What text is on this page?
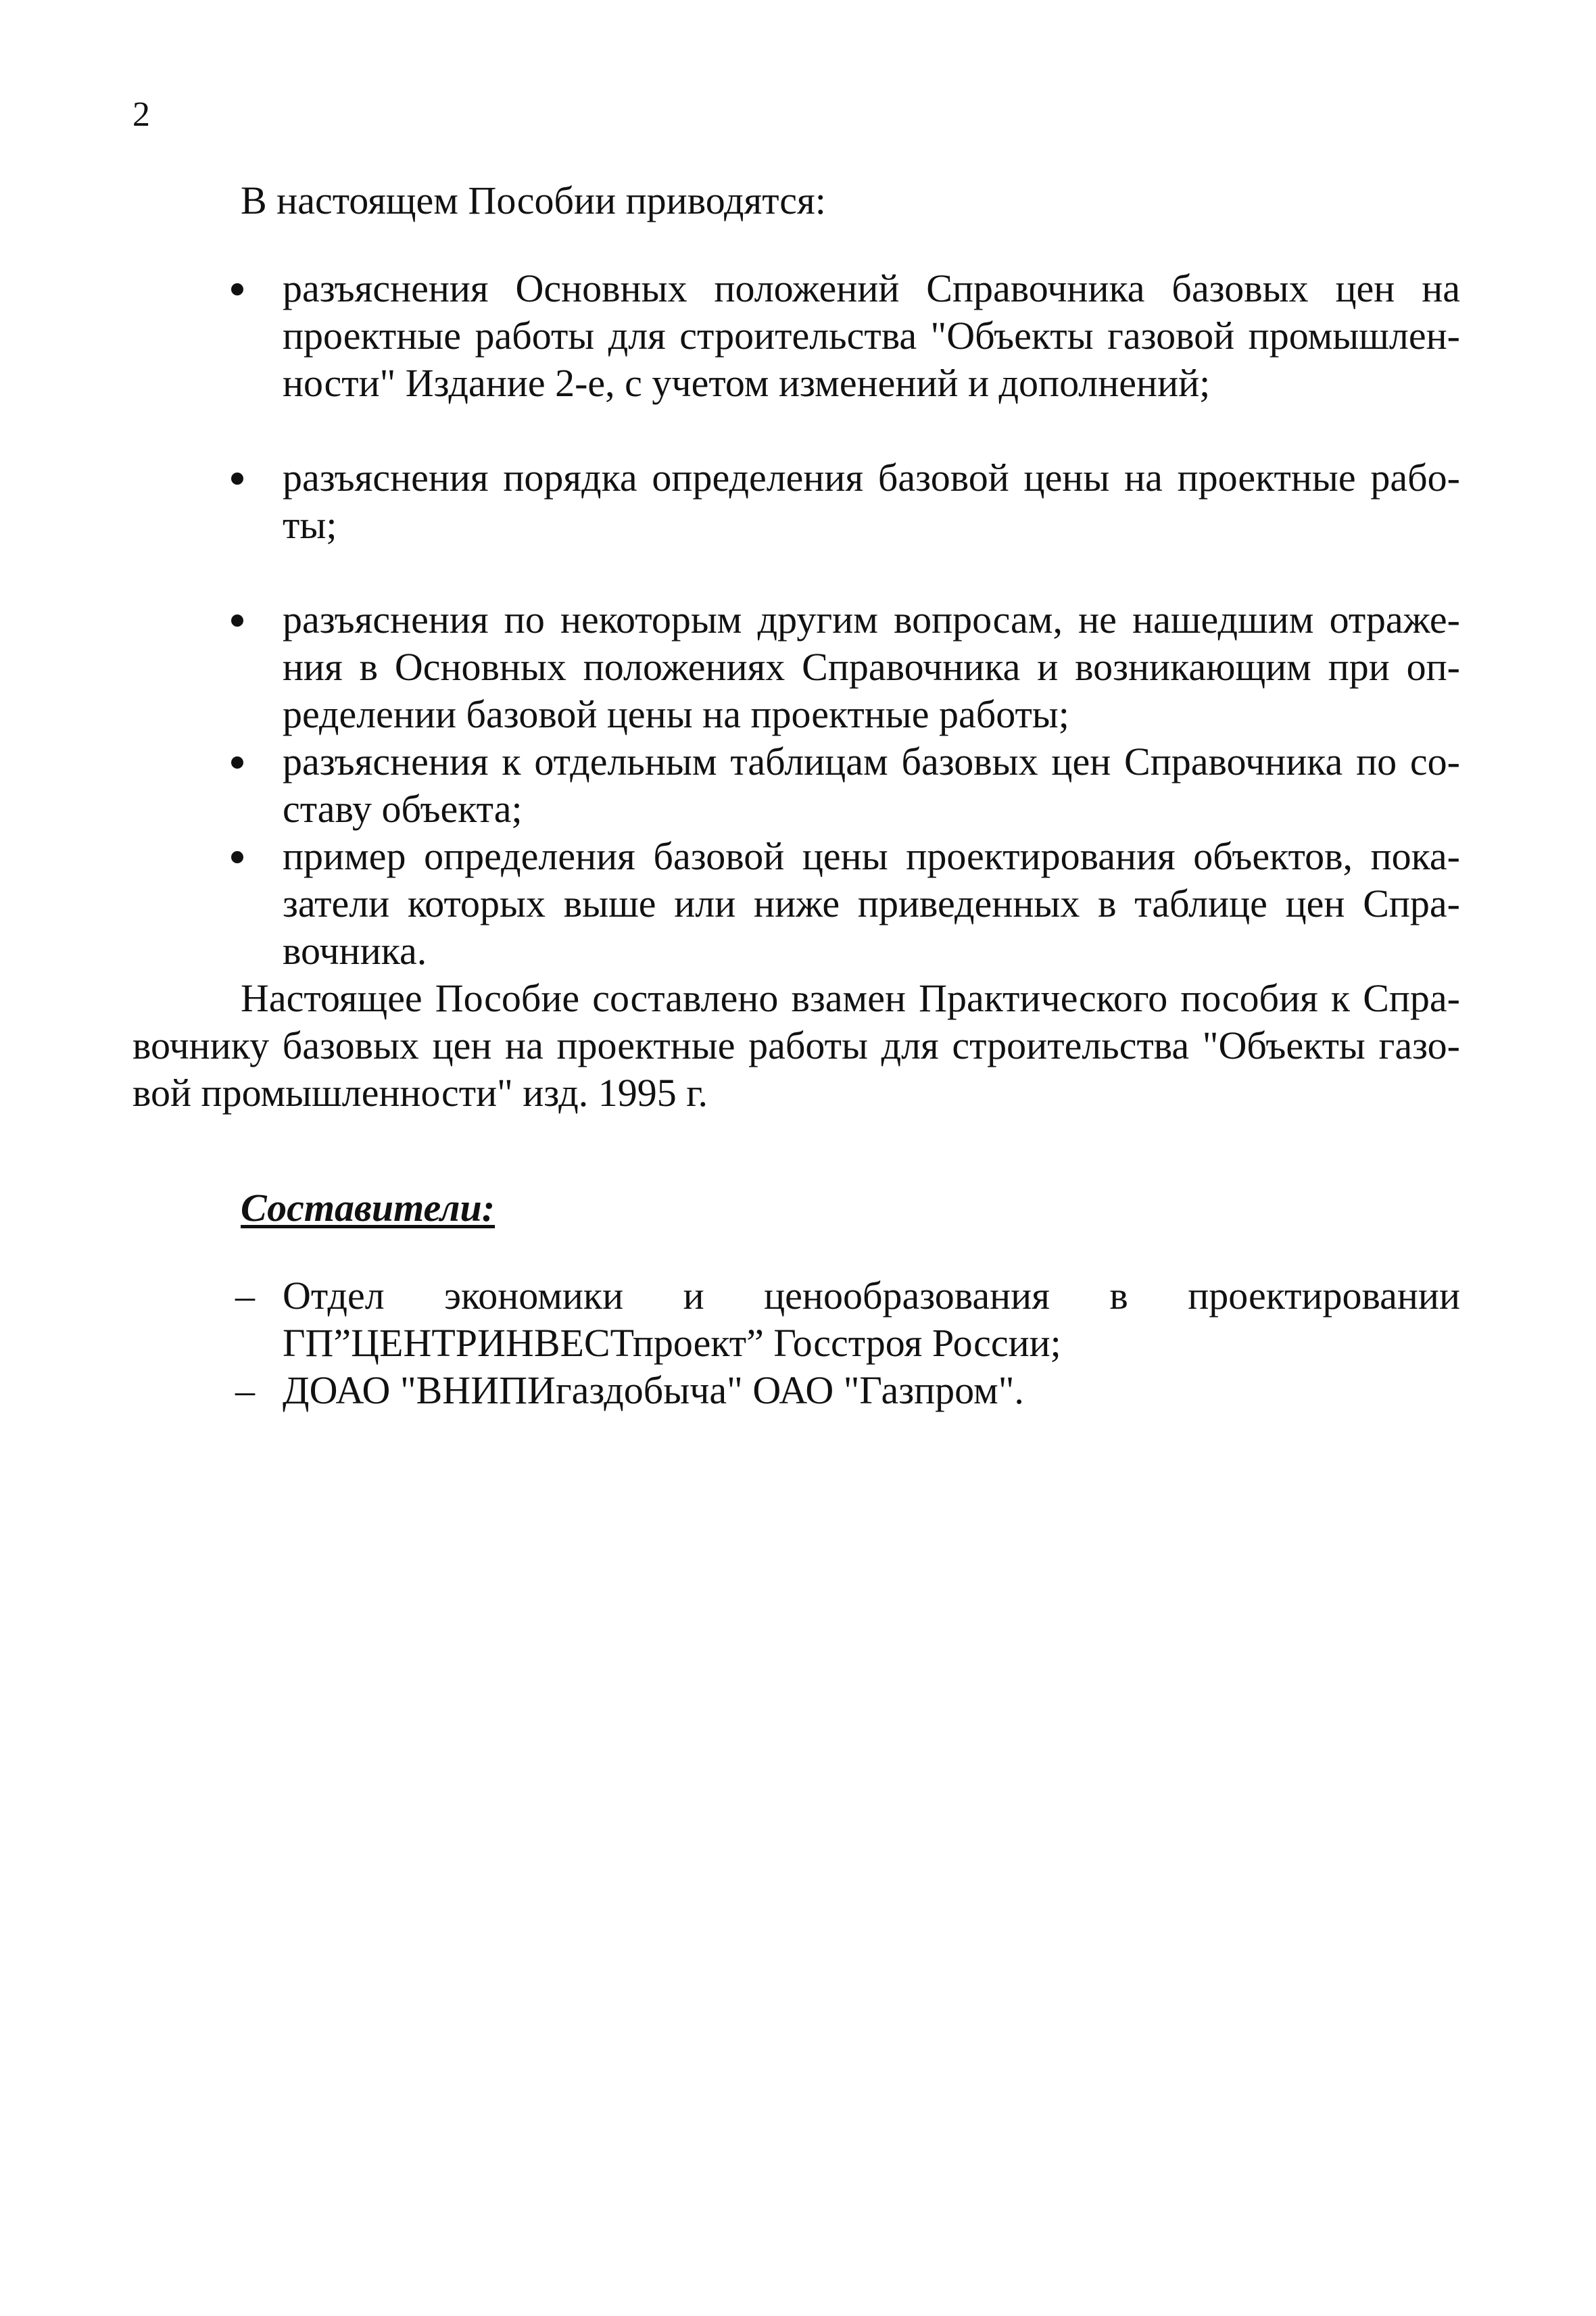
2

В настоящем Пособии приводятся:

разъяснения Основных положений Справочника базовых цен на проектные работы для строительства "Объекты газовой промышленности" Издание 2-е, с учетом изменений и дополнений;
разъяснения порядка определения базовой цены на проектные работы;
разъяснения по некоторым другим вопросам, не нашедшим отражения в Основных положениях Справочника и возникающим при определении базовой цены на проектные работы;
разъяснения к отдельным таблицам базовых цен Справочника по составу объекта;
пример определения базовой цены проектирования объектов, показатели которых выше или ниже приведенных в таблице цен Справочника.

Настоящее Пособие составлено взамен Практического пособия к Справочнику базовых цен на проектные работы для строительства "Объекты газовой промышленности" изд. 1995 г.

Составители:
– Отдел экономики и ценообразования в проектировании
ГП”ЦЕНТРИНВЕСТпроект” Госстроя России;
– ДОАО "ВНИПИгаздобыча" ОАО "Газпром".
